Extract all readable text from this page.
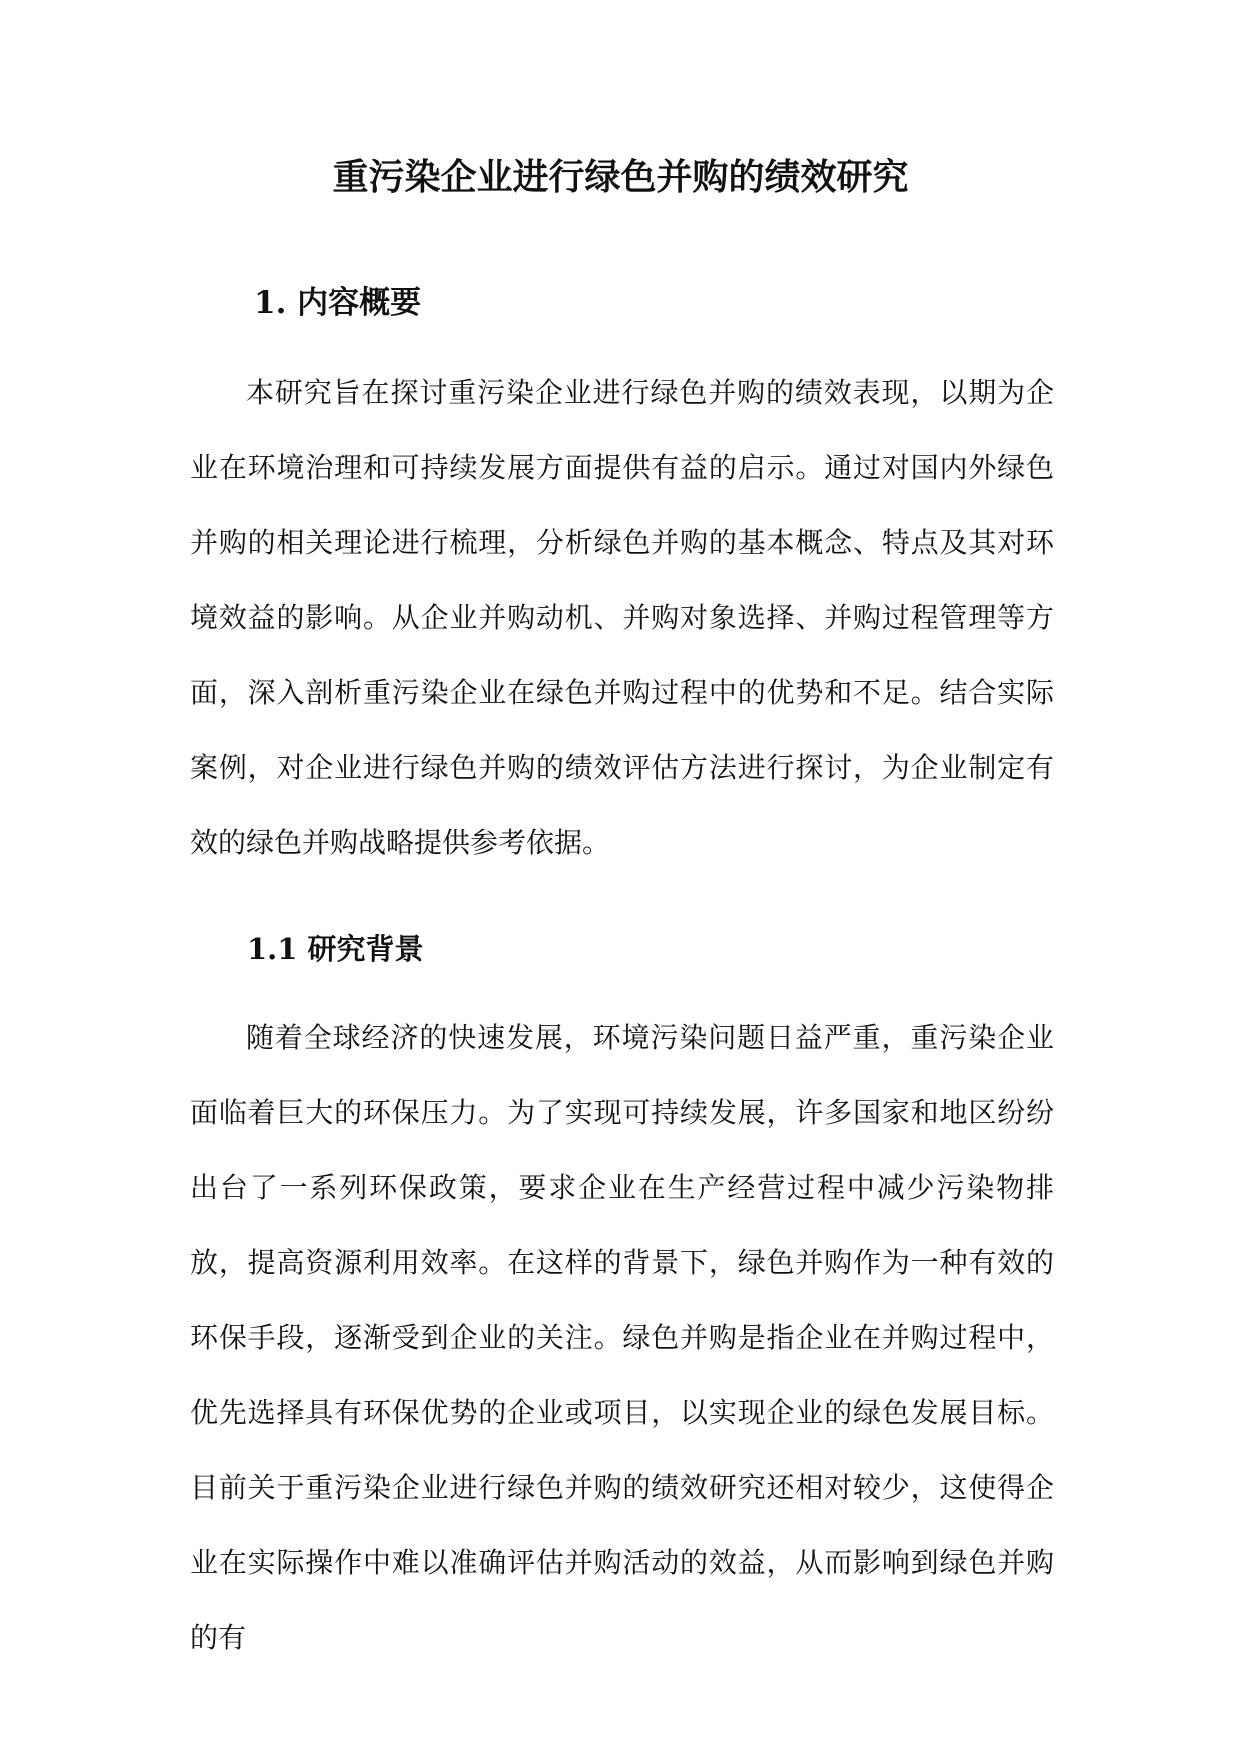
重污染企业进行绿色并购的绩效研究
1. 内容概要

本研究旨在探讨重污染企业进行绿色并购的绩效表现，以期为企业在环境治理和可持续发展方面提供有益的启示。通过对国内外绿色并购的相关理论进行梳理，分析绿色并购的基本概念、特点及其对环境效益的影响。从企业并购动机、并购对象选择、并购过程管理等方面，深入剖析重污染企业在绿色并购过程中的优势和不足。结合实际案例，对企业进行绿色并购的绩效评估方法进行探讨，为企业制定有效的绿色并购战略提供参考依据。

1.1 研究背景

随着全球经济的快速发展，环境污染问题日益严重，重污染企业面临着巨大的环保压力。为了实现可持续发展，许多国家和地区纷纷出台了一系列环保政策，要求企业在生产经营过程中减少污染物排放，提高资源利用效率。在这样的背景下，绿色并购作为一种有效的环保手段，逐渐受到企业的关注。绿色并购是指企业在并购过程中，优先选择具有环保优势的企业或项目，以实现企业的绿色发展目标。目前关于重污染企业进行绿色并购的绩效研究还相对较少，这使得企业在实际操作中难以准确评估并购活动的效益，从而影响到绿色并购的有
